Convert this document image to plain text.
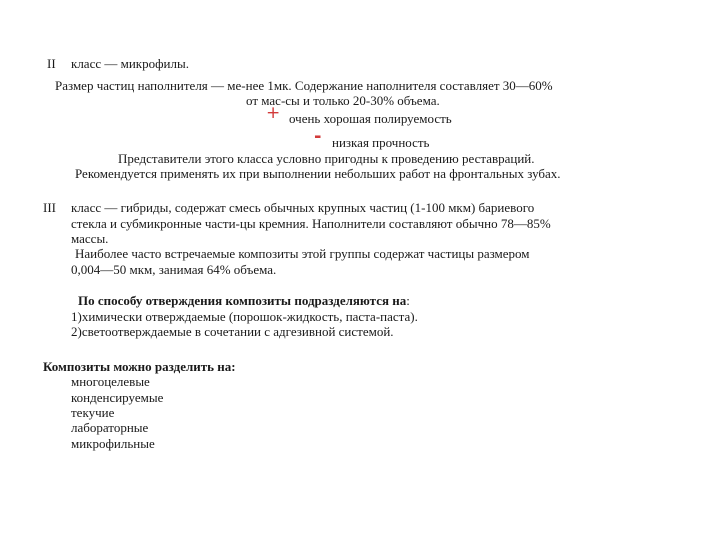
II класс — микрофилы.
Размер частиц наполнителя — ме-нее 1мк. Содержание наполнителя составляет 30—60%
от мас-сы и только 20-30% объема.
+ очень хорошая полируемость
- низкая прочность
Представители этого класса условно пригодны к проведению реставраций.
Рекомендуется применять их при выполнении небольших работ на фронтальных зубах.
III класс — гибриды, содержат смесь обычных крупных частиц (1-100 мкм) бариевого
стекла и субмикронные части-цы кремния. Наполнители составляют обычно 78—85%
массы.
Наиболее часто встречаемые композиты этой группы содержат частицы размером
0,004—50 мкм, занимая 64% объема.
По способу отверждения композиты подразделяются на:
1)химически отверждаемые (порошок-жидкость, паста-паста).
2)светоотверждаемые в сочетании с адгезивной системой.
Композиты можно разделить на:
многоцелевые
конденсируемые
текучие
лабораторные
микрофильные
